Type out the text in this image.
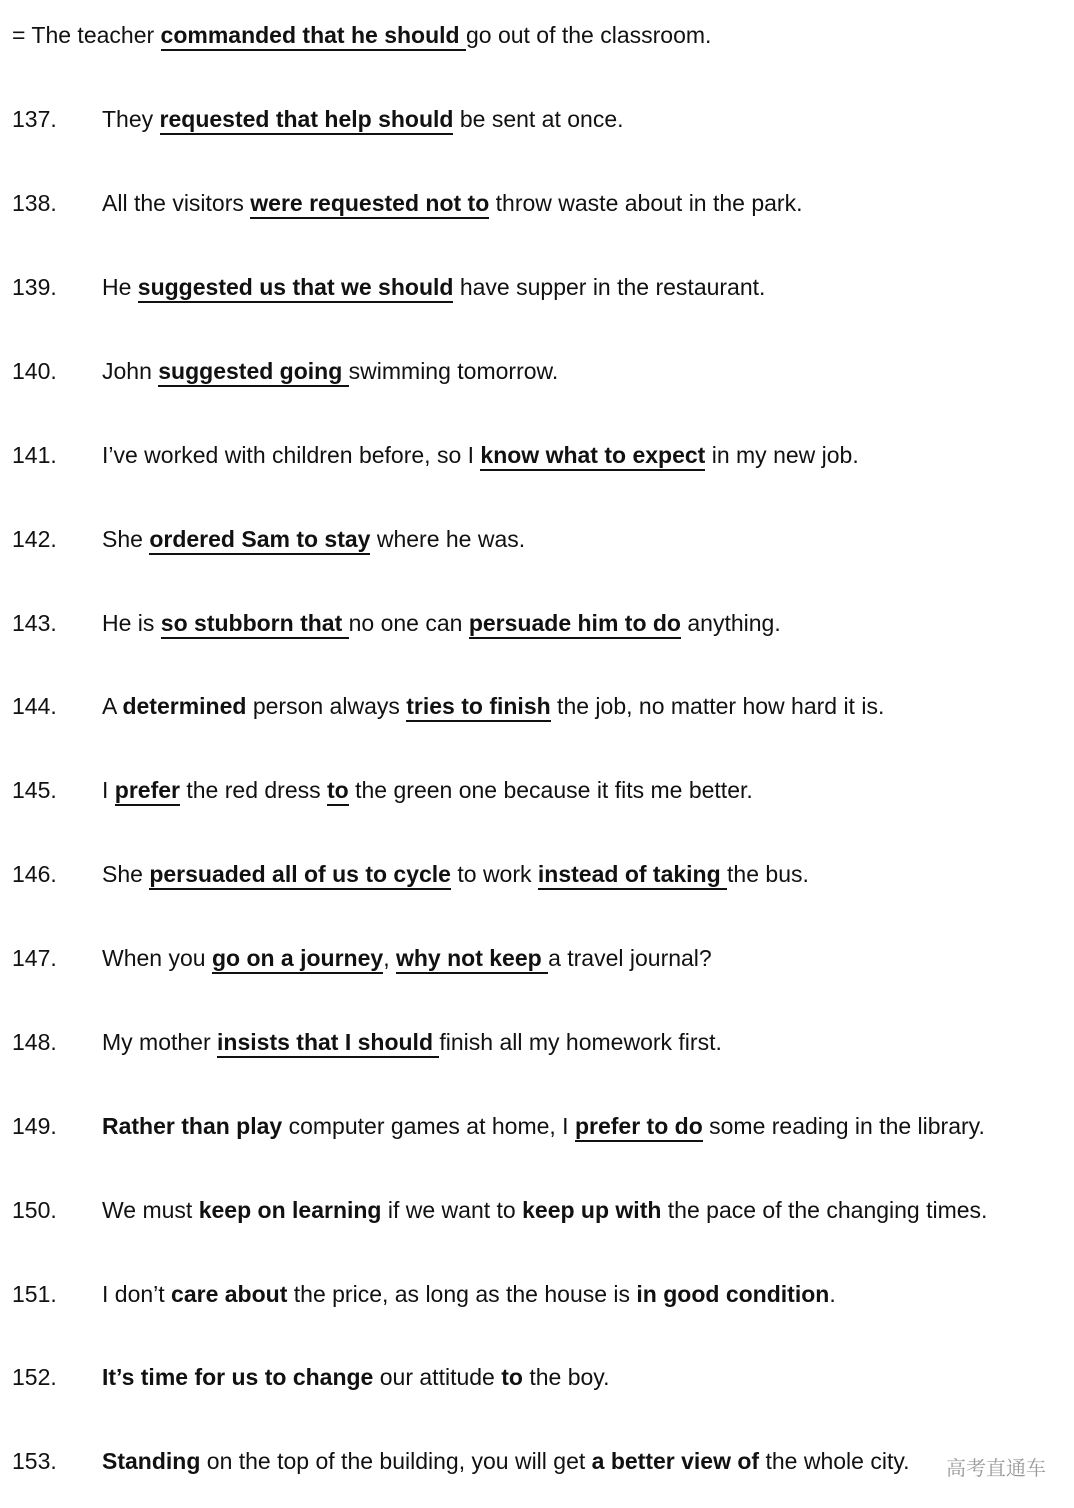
= The teacher commanded that he should go out of the classroom.
137.	They requested that help should be sent at once.
138.	All the visitors were requested not to throw waste about in the park.
139.	He suggested us that we should have supper in the restaurant.
140.	John suggested going swimming tomorrow.
141.	I’ve worked with children before, so I know what to expect in my new job.
142.	She ordered Sam to stay where he was.
143.	He is so stubborn that no one can persuade him to do anything.
144.	A determined person always tries to finish the job, no matter how hard it is.
145.	I prefer the red dress to the green one because it fits me better.
146.	She persuaded all of us to cycle to work instead of taking the bus.
147.	When you go on a journey, why not keep a travel journal?
148.	My mother insists that I should finish all my homework first.
149.	Rather than play computer games at home, I prefer to do some reading in the library.
150.	We must keep on learning if we want to keep up with the pace of the changing times.
151.	I don’t care about the price, as long as the house is in good condition.
152.	It’s time for us to change our attitude to the boy.
153.	Standing on the top of the building, you will get a better view of the whole city. 高考直通车
